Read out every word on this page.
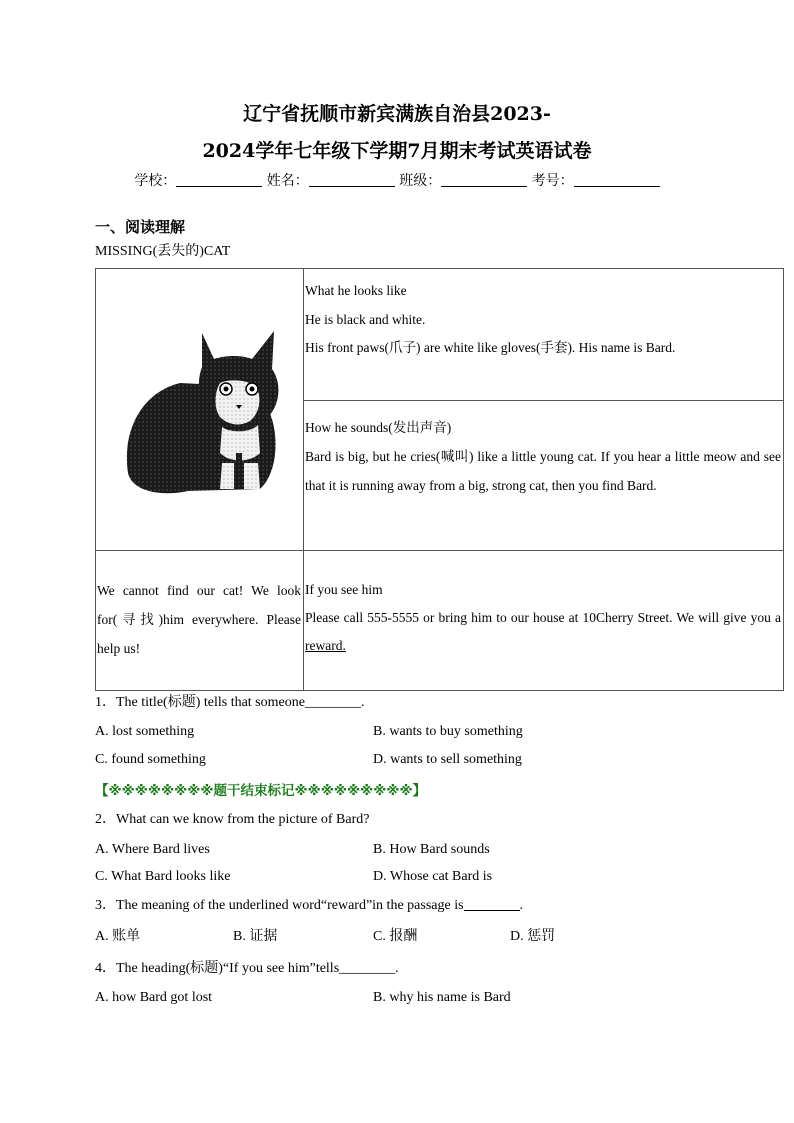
辽宁省抚顺市新宾满族自治县2023-
2024学年七年级下学期7月期末考试英语试卷
学校：	姓名：	班级：	考号：
一、阅读理解
MISSING(丢失的)CAT

What he looks like
He is black and white.
His front paws(爪子) are white like gloves(手套). His name is Bard.

	How he sounds(发出声音)
Bard is big, but he cries(喊叫) like a little young cat. If you hear a little meow and see that it is running away from a big, strong cat, then you find Bard.

We cannot find our cat! We look for(寻找)him everywhere. Please help us!	If you see him
Please call 555-5555 or bring him to our house at 10Cherry Street. We will give you a reward.
1．The title(标题) tells that someone________.
A. lost something	B. wants to buy something
C. found something	D. wants to sell something
【※※※※※※※※题干结束标记※※※※※※※※※】
2．What can we know from the picture of Bard?
A. Where Bard lives	B. How Bard sounds
C. What Bard looks like	D. Whose cat Bard is
3．The meaning of the underlined word“reward”in the passage is	.
A. 账单	B. 证据	C. 报酬	D. 惩罚
4．The heading(标题)“If you see him”tells________.
A. how Bard got lost	B. why his name is Bard
